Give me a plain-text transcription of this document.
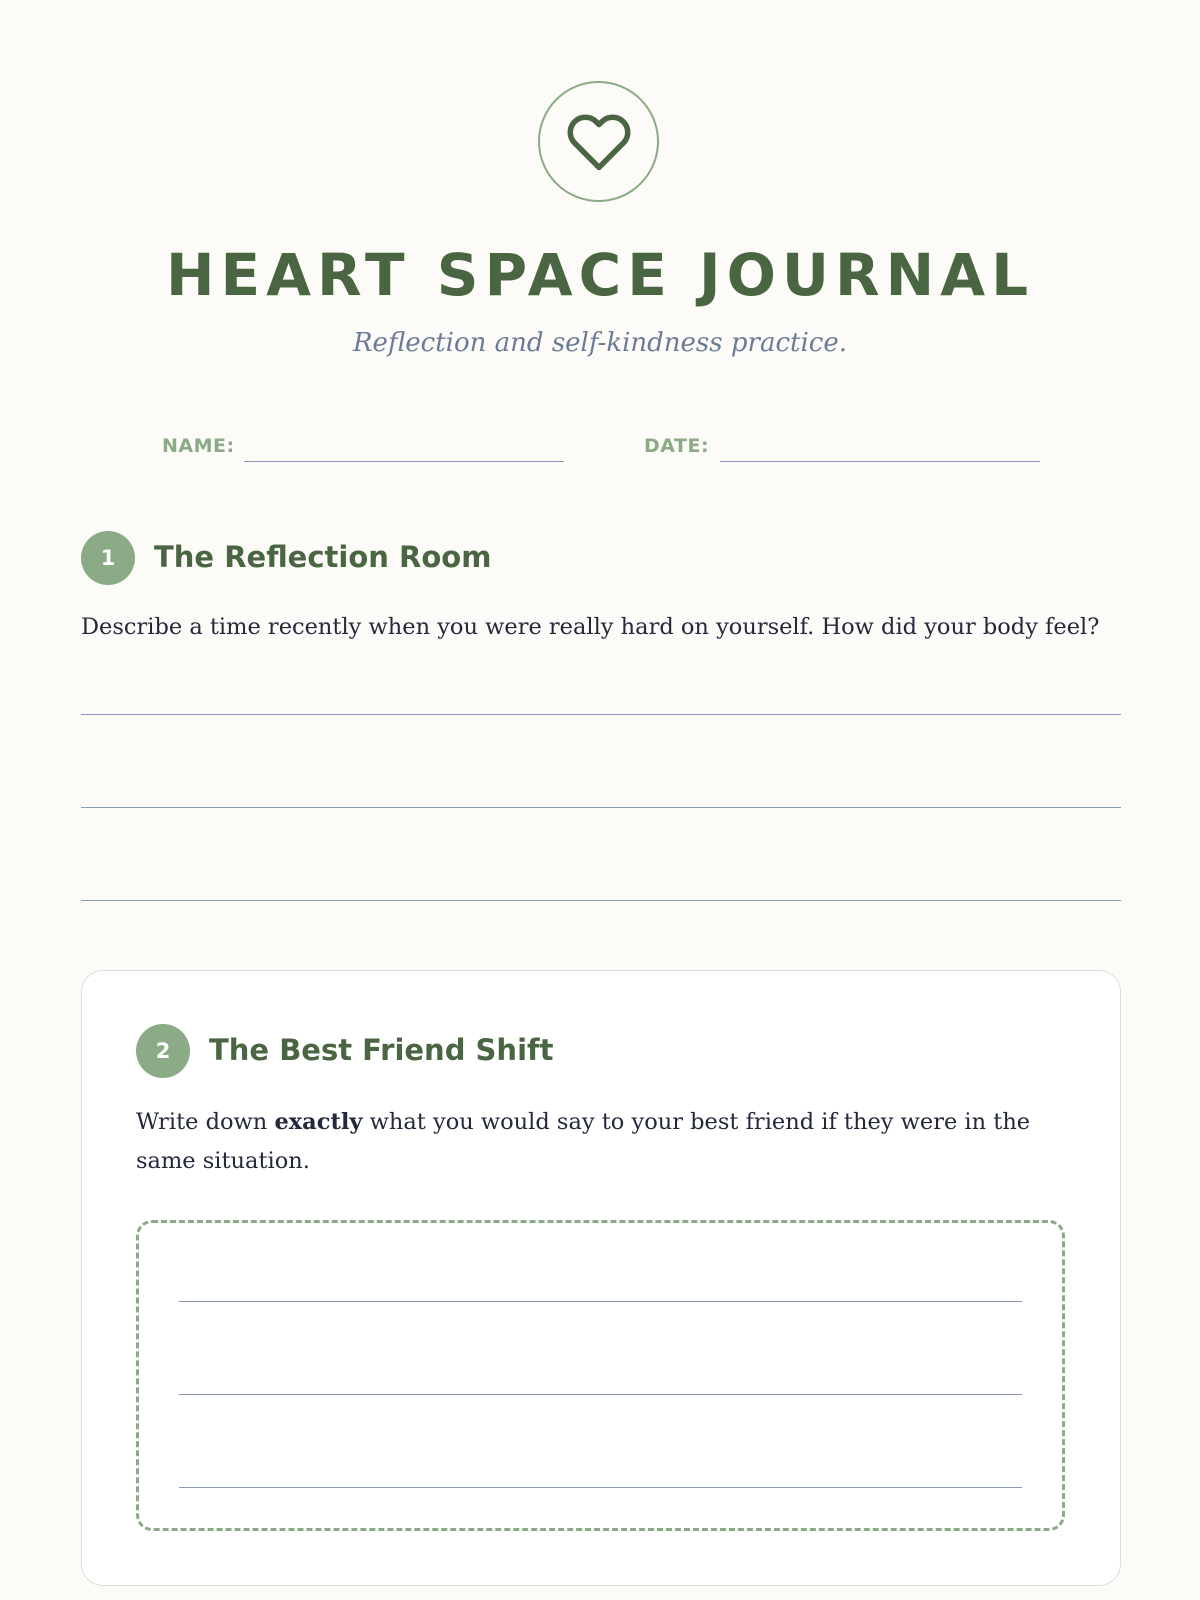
HEART SPACE JOURNAL
Reflection and self-kindness practice.
NAME:	DATE:
1	The Reflection Room
Describe a time recently when you were really hard on yourself. How did your body feel?
2	The Best Friend Shift
Write down exactly what you would say to your best friend if they were in the same situation.
